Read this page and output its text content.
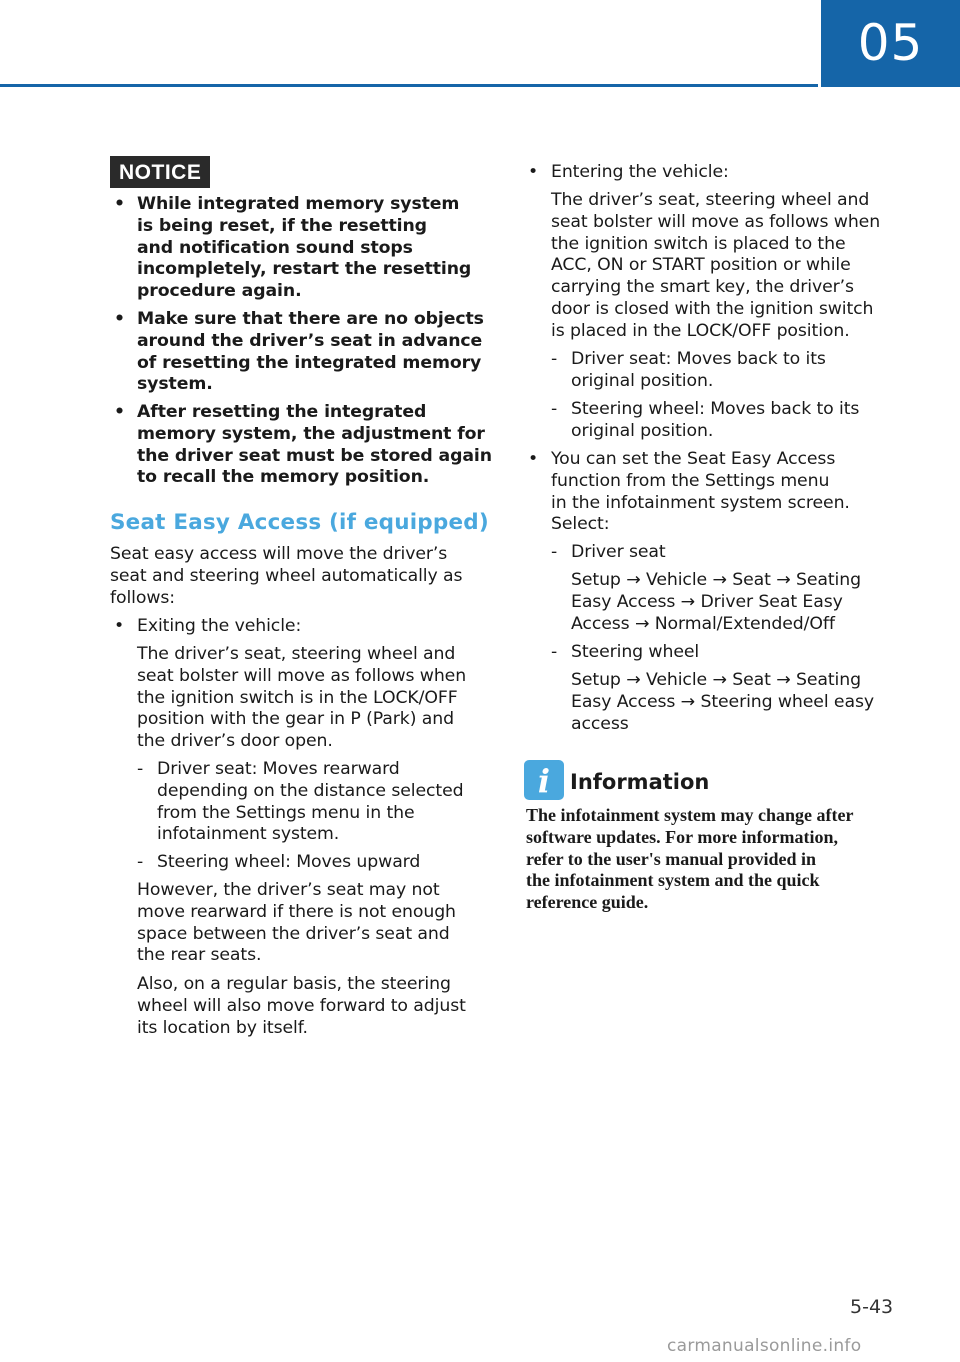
05
NOTICE
• While integrated memory system
is being reset, if the resetting
and notification sound stops
incompletely, restart the resetting
procedure again.
• Make sure that there are no objects
around the driver’s seat in advance
of resetting the integrated memory
system.
• After resetting the integrated
memory system, the adjustment for
the driver seat must be stored again
to recall the memory position.
Seat Easy Access (if equipped)
Seat easy access will move the driver’s
seat and steering wheel automatically as
follows:
• Exiting the vehicle:
The driver’s seat, steering wheel and
seat bolster will move as follows when
the ignition switch is in the LOCK/OFF
position with the gear in P (Park) and
the driver’s door open.
- Driver seat: Moves rearward
depending on the distance selected
from the Settings menu in the
infotainment system.
- Steering wheel: Moves upward
However, the driver’s seat may not
move rearward if there is not enough
space between the driver’s seat and
the rear seats.
Also, on a regular basis, the steering
wheel will also move forward to adjust
its location by itself.
• Entering the vehicle:
The driver’s seat, steering wheel and
seat bolster will move as follows when
the ignition switch is placed to the
ACC, ON or START position or while
carrying the smart key, the driver’s
door is closed with the ignition switch
is placed in the LOCK/OFF position.
- Driver seat: Moves back to its
original position.
- Steering wheel: Moves back to its
original position.
• You can set the Seat Easy Access
function from the Settings menu
in the infotainment system screen.
Select:
- Driver seat
Setup → Vehicle → Seat → Seating
Easy Access → Driver Seat Easy
Access → Normal/Extended/Off
- Steering wheel
Setup → Vehicle → Seat → Seating
Easy Access → Steering wheel easy
access
i Information
The infotainment system may change after
software updates. For more information,
refer to the user's manual provided in
the infotainment system and the quick
reference guide.
5-43
carmanualsonline.info
